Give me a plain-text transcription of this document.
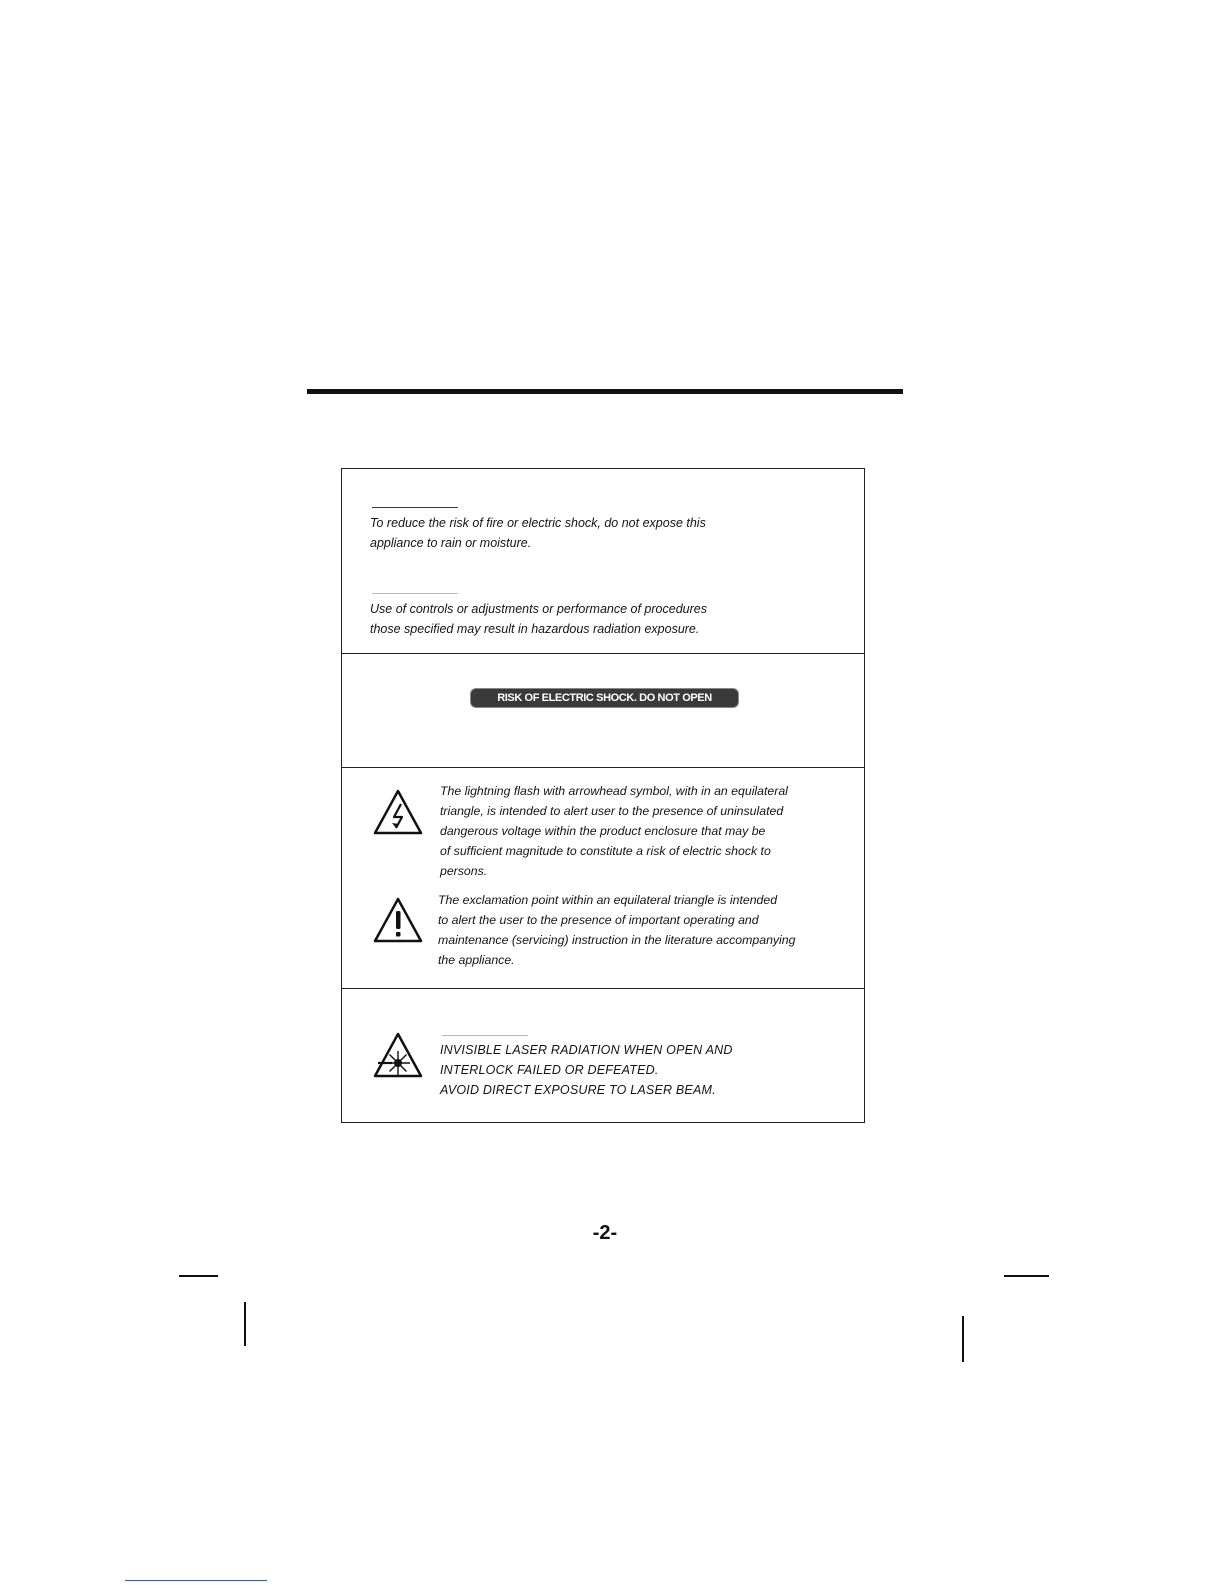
To reduce the risk of fire or electric shock, do not expose this
appliance to rain or moisture.

Use of controls or adjustments or performance of procedures
those specified may result in hazardous radiation exposure.

RISK OF ELECTRIC SHOCK. DO NOT OPEN

The lightning flash with arrowhead symbol, with in an equilateral
triangle, is intended to alert user to the presence of uninsulated
dangerous voltage within the product enclosure that may be
of sufficient magnitude to constitute a risk of electric shock to
persons.

The exclamation point within an equilateral triangle is intended
to alert the user to the presence of important operating and
maintenance (servicing) instruction in the literature accompanying
the appliance.

INVISIBLE LASER RADIATION WHEN OPEN AND
INTERLOCK FAILED OR DEFEATED.
AVOID DIRECT EXPOSURE TO LASER BEAM.

-2-
